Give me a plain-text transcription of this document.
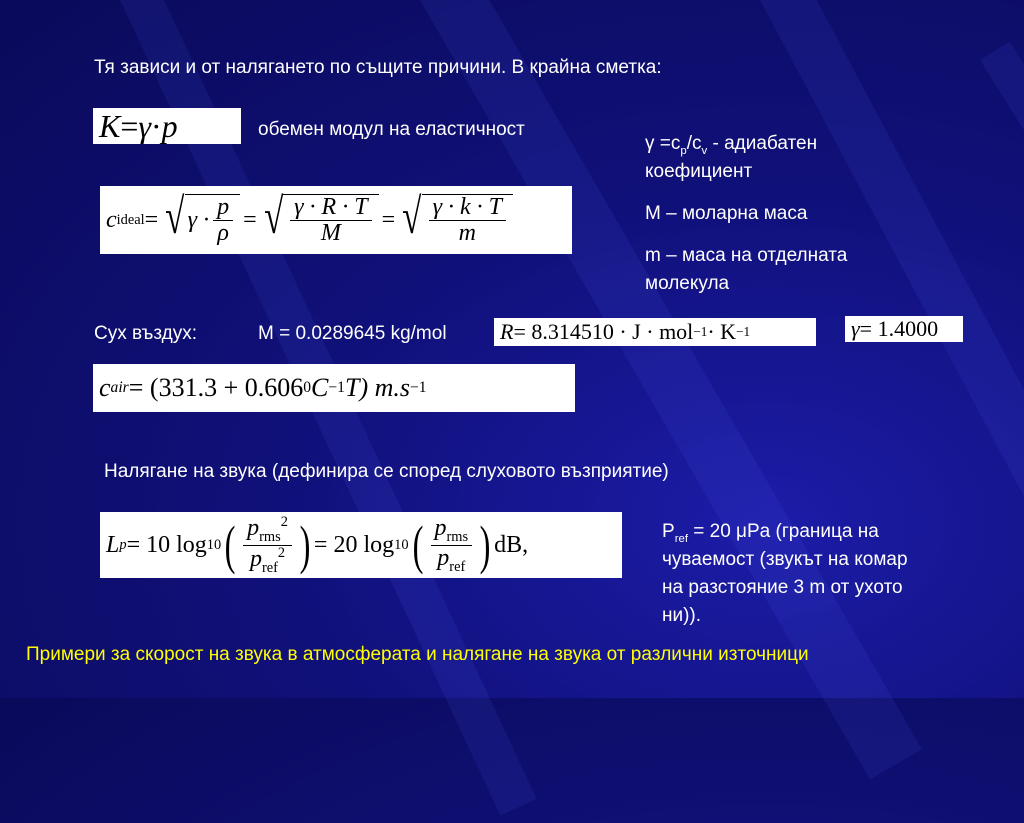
Тя зависи и от налягането по същите причини. В крайна сметка:
K = γ · p	обемен модул на еластичност
$\gamma =c_p/c_v$ - адиабатен
коефициент
M – моларна маса
m – маса на отделната
молекула
c ideal = √ $\gamma \cdot \frac{p}{\rho}$ = √ $\frac{\gamma \cdot R \cdot T}{M}$ = √ $\frac{\gamma \cdot k \cdot T}{m}$
Сух въздух:	M = 0.0289645 kg/mol R = 8.314510 · J · mol −1 · K −1	γ = 1.4000
c air = (331.3 + 0.606 0 C −1 T ) m.s −1
Налягане на звука (дефинира се според слуховото възприятие)
L p = 10 log 10 ( $\frac{p_{rms}^2}{p_{ref}^2}$ ) = 20 log 10 ( $\frac{p_{rms}}{p_{ref}}$ ) dB,	$P_{ref} = 20$ μPa (граница на
чуваемост (звукът на комар
на разстояние 3 m от ухото
ни)).
Примери за скорост на звука в атмосферата и налягане на звука от различни източници
